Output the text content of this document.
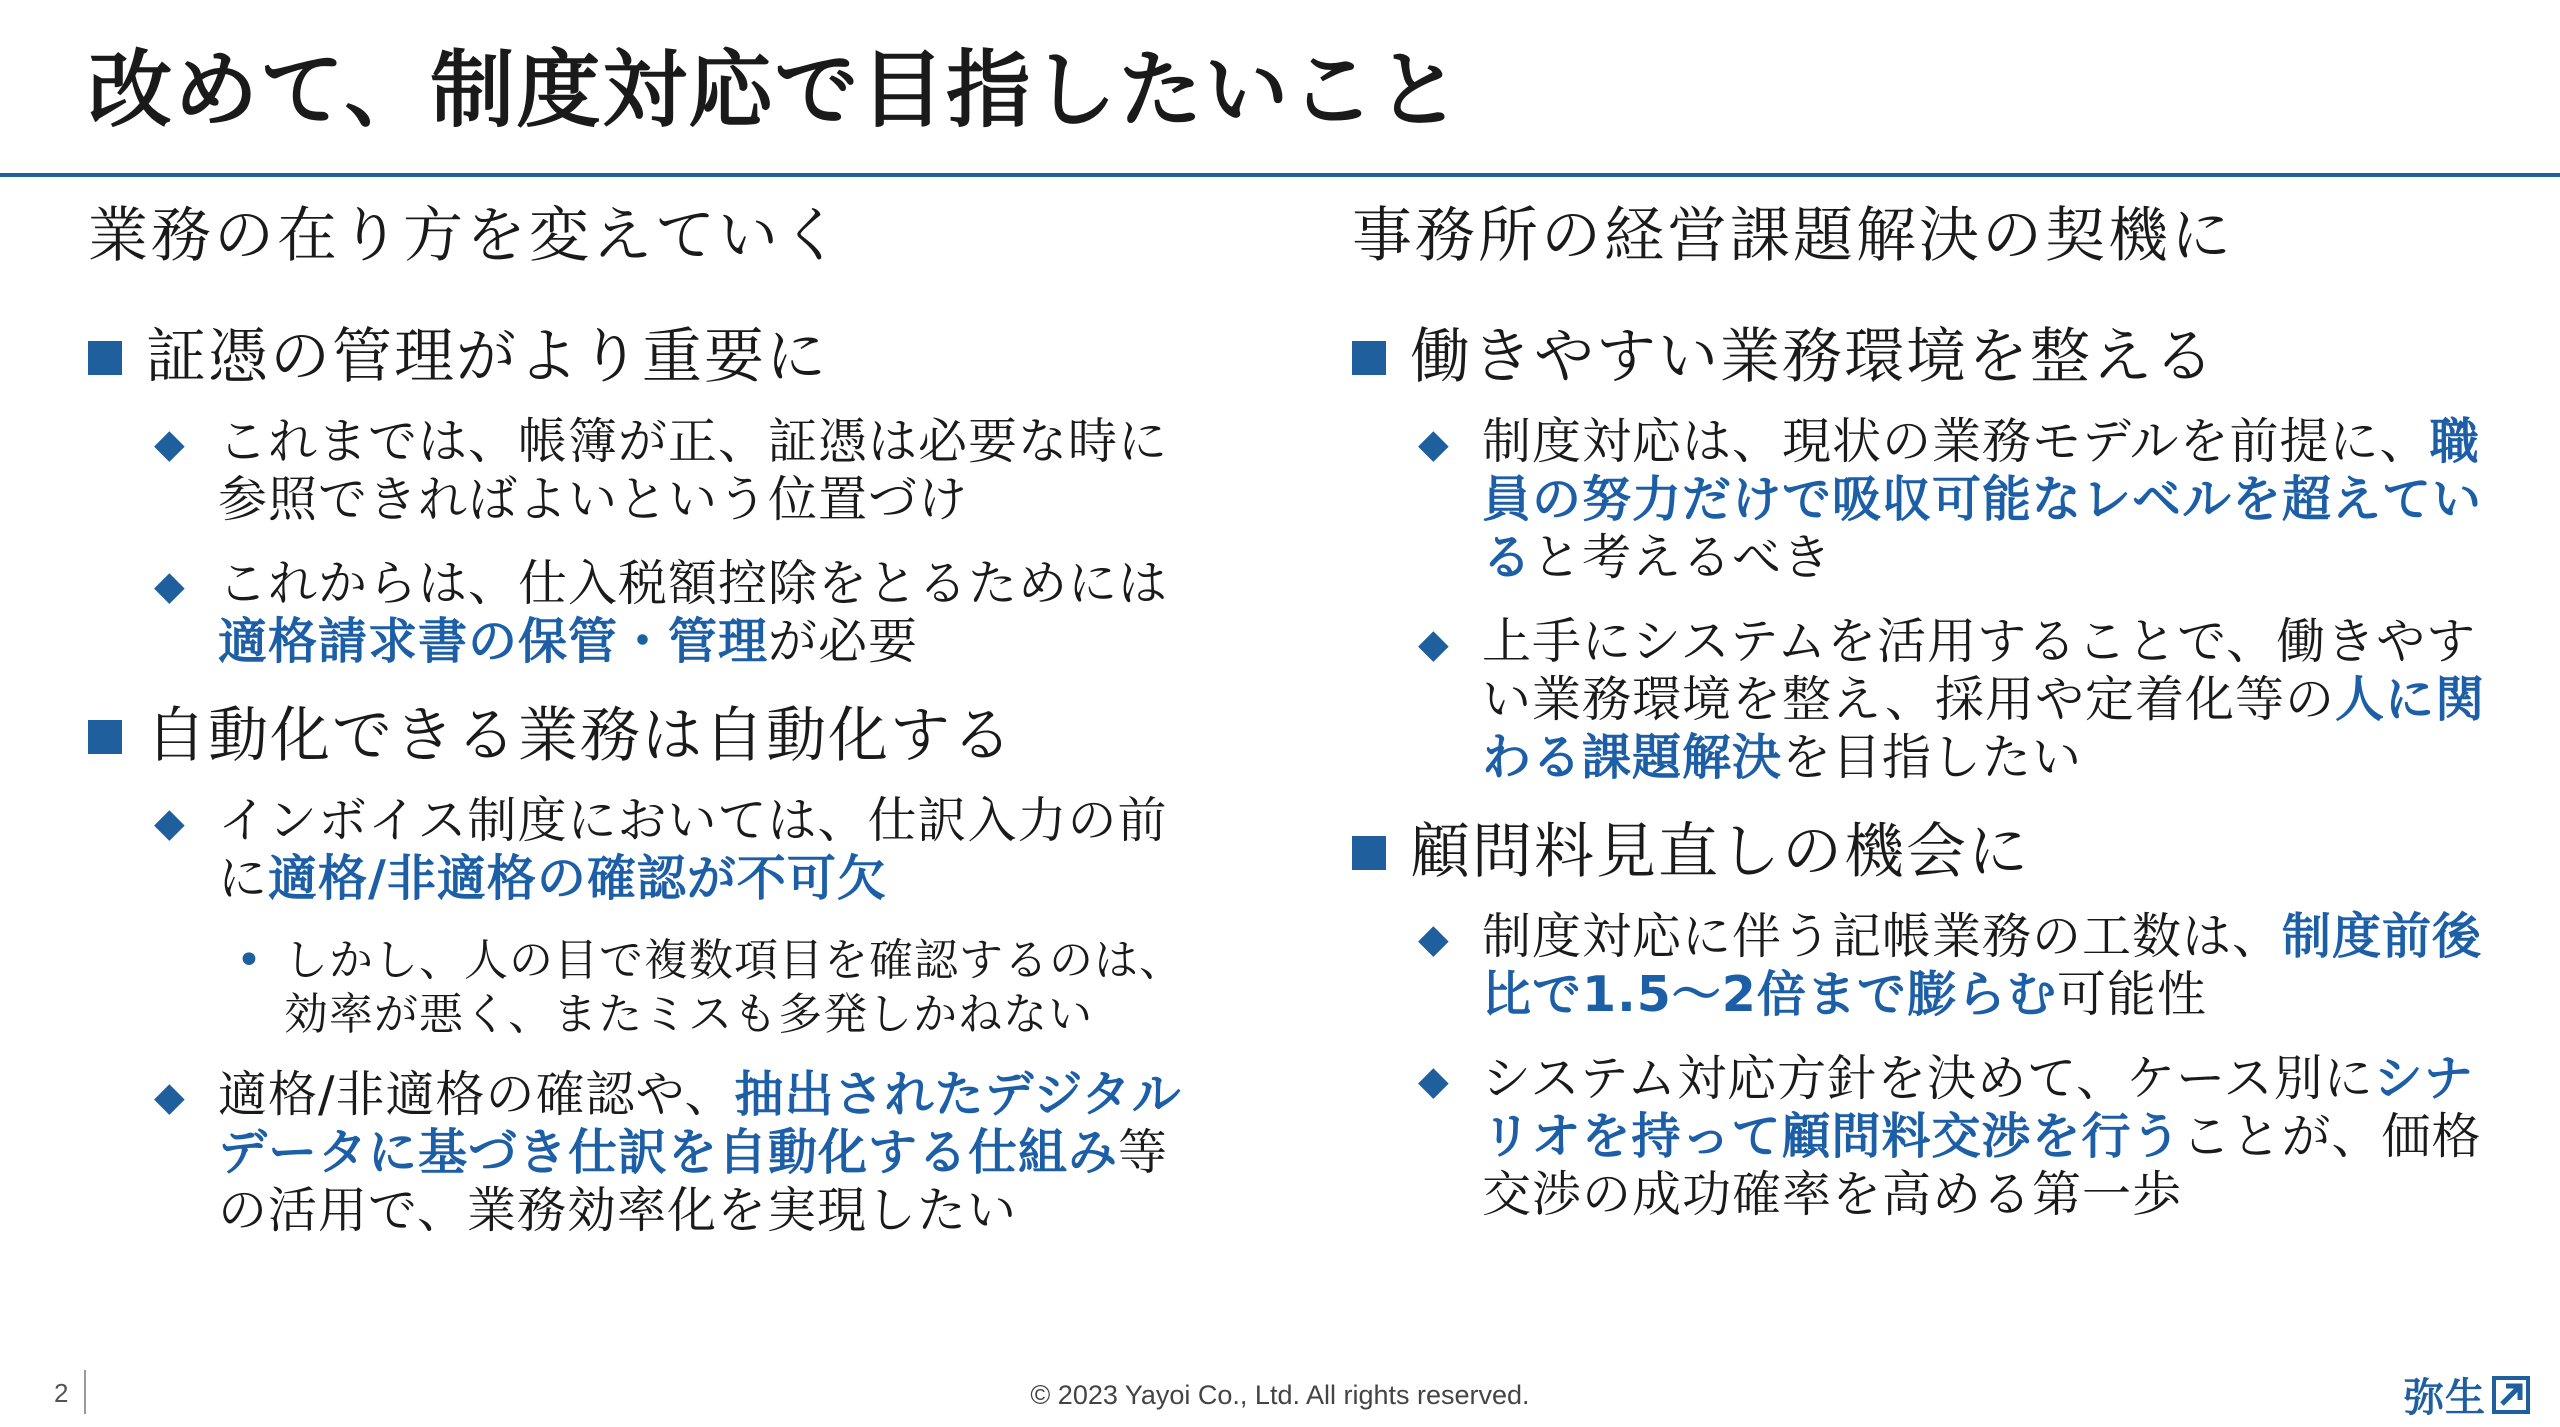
改めて、制度対応で目指したいこと
業務の在り方を変えていく
証憑の管理がより重要に
◆ これまでは、帳簿が正、証憑は必要な時に参照できればよいという位置づけ
◆ これからは、仕入税額控除をとるためには適格請求書の保管・管理が必要
自動化できる業務は自動化する
◆ インボイス制度においては、仕訳入力の前に適格/非適格の確認が不可欠
• しかし、人の目で複数項目を確認するのは、効率が悪く、またミスも多発しかねない
◆ 適格/非適格の確認や、抽出されたデジタルデータに基づき仕訳を自動化する仕組み等の活用で、業務効率化を実現したい
事務所の経営課題解決の契機に
働きやすい業務環境を整える
◆ 制度対応は、現状の業務モデルを前提に、職員の努力だけで吸収可能なレベルを超えていると考えるべき
◆ 上手にシステムを活用することで、働きやすい業務環境を整え、採用や定着化等の人に関わる課題解決を目指したい
顧問料見直しの機会に
◆ 制度対応に伴う記帳業務の工数は、制度前後比で1.5～2倍まで膨らむ可能性
◆ システム対応方針を決めて、ケース別にシナリオを持って顧問料交渉を行うことが、価格交渉の成功確率を高める第一歩
2	© 2023 Yayoi Co., Ltd. All rights reserved.	弥生
